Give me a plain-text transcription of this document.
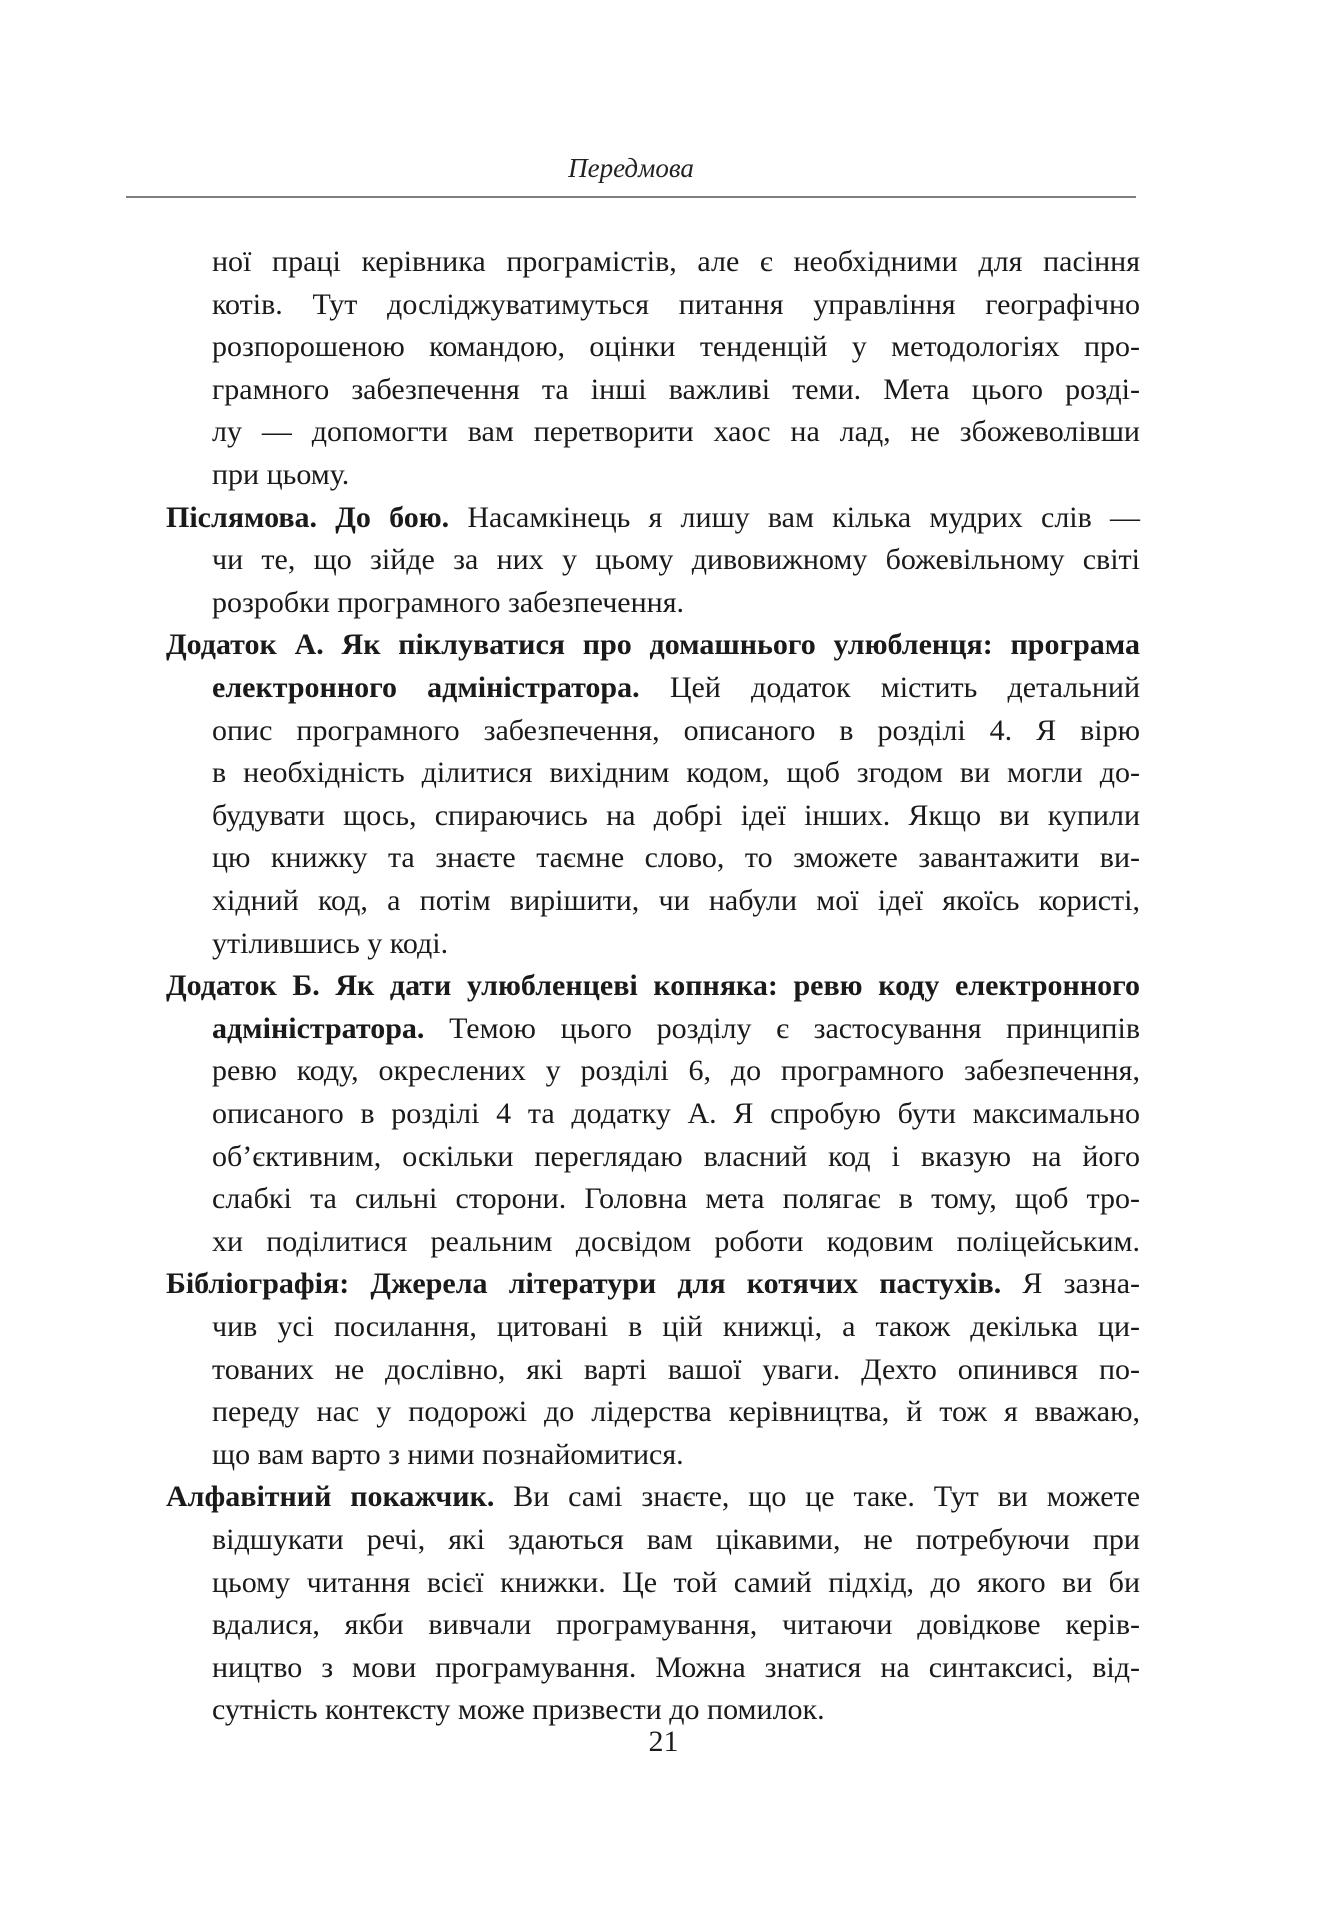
Передмова
ної праці керівника програмістів, але є необхідними для пасіння
котів. Тут досліджуватимуться питання управління географічно
розпорошеною командою, оцінки тенденцій у методологіях про-
грамного забезпечення та інші важливі теми. Мета цього розді-
лу — допомогти вам перетворити хаос на лад, не збожеволівши
при цьому.
Післямова. До бою. Насамкінець я лишу вам кілька мудрих слів —
чи те, що зійде за них у цьому дивовижному божевільному світі
розробки програмного забезпечення.
Додаток А. Як піклуватися про домашнього улюбленця: програма
електронного адміністратора. Цей додаток містить детальний
опис програмного забезпечення, описаного в розділі 4. Я вірю
в необхідність ділитися вихідним кодом, щоб згодом ви могли до-
будувати щось, спираючись на добрі ідеї інших. Якщо ви купили
цю книжку та знаєте таємне слово, то зможете завантажити ви-
хідний код, а потім вирішити, чи набули мої ідеї якоїсь користі,
утілившись у коді.
Додаток Б. Як дати улюбленцеві копняка: ревю коду електронного
адміністратора. Темою цього розділу є застосування принципів
ревю коду, окреслених у розділі 6, до програмного забезпечення,
описаного в розділі 4 та додатку А. Я спробую бути максимально
об’єктивним, оскільки переглядаю власний код і вказую на його
слабкі та сильні сторони. Головна мета полягає в тому, щоб тро-
хи поділитися реальним досвідом роботи кодовим поліцейським.
Бібліографія: Джерела літератури для котячих пастухів. Я зазна-
чив усі посилання, цитовані в цій книжці, а також декілька ци-
тованих не дослівно, які варті вашої уваги. Дехто опинився по-
переду нас у подорожі до лідерства керівництва, й тож я вважаю,
що вам варто з ними познайомитися.
Алфавітний покажчик. Ви самі знаєте, що це таке. Тут ви можете
відшукати речі, які здаються вам цікавими, не потребуючи при
цьому читання всієї книжки. Це той самий підхід, до якого ви би
вдалися, якби вивчали програмування, читаючи довідкове керів-
ництво з мови програмування. Можна знатися на синтаксисі, від-
сутність контексту може призвести до помилок.
21
